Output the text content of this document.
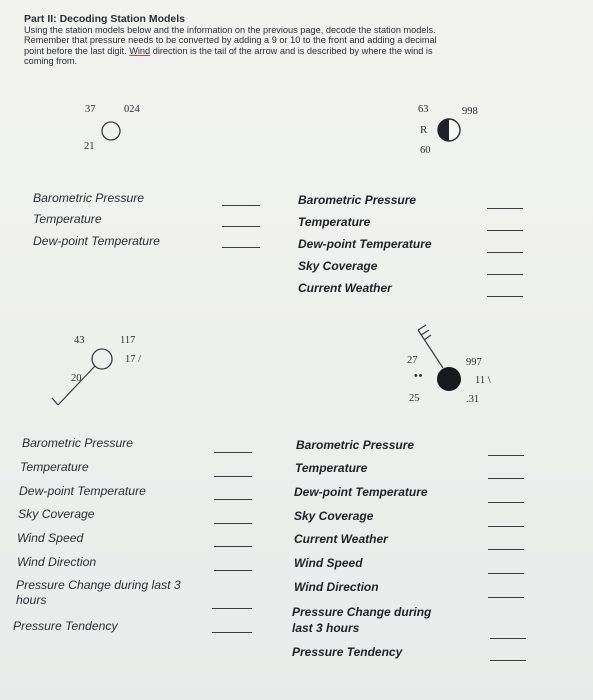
Part II: Decoding Station Models
Using the station models below and the information on the previous page, decode the station models.
Remember that pressure needs to be converted by adding a 9 or 10 to the front and adding a decimal
point before the last digit. Wind direction is the tail of the arrow and is described by where the wind is
coming from.
37	024
21
63	998
R
60
43	117
17 /
20
27	997
11 \
••
25	.31
Barometric Pressure
Temperature
Dew-point Temperature
Barometric Pressure
Temperature
Dew-point Temperature
Sky Coverage
Current Weather
Barometric Pressure
Temperature
Dew-point Temperature
Sky Coverage
Wind Speed
Wind Direction
Pressure Change during last 3 hours
Pressure Tendency
Barometric Pressure
Temperature
Dew-point Temperature
Sky Coverage
Current Weather
Wind Speed
Wind Direction
Pressure Change during last 3 hours
Pressure Tendency
